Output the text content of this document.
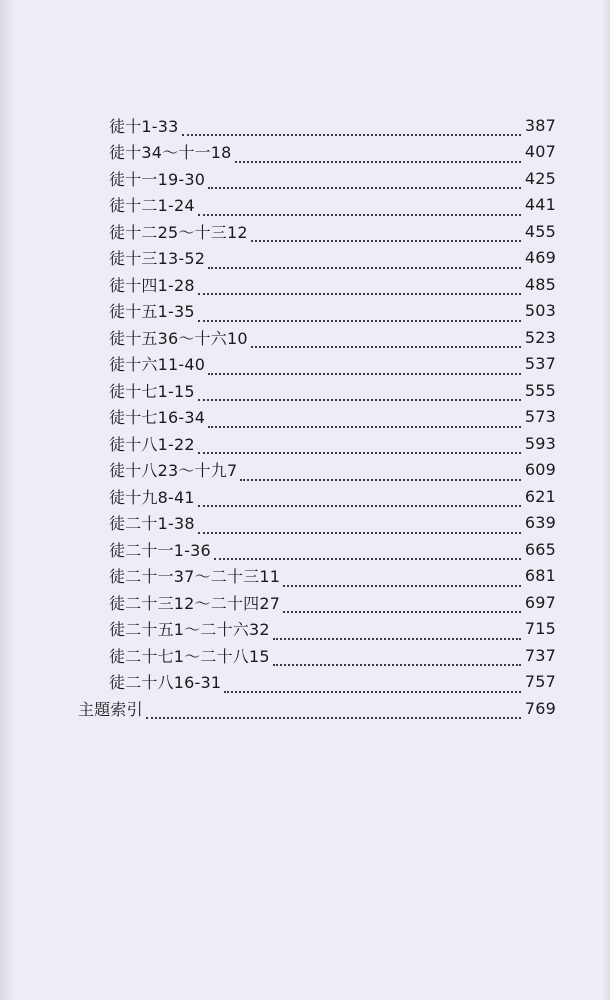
徒十1-33	387
徒十34～十一18	407
徒十一19-30	425
徒十二1-24	441
徒十二25～十三12	455
徒十三13-52	469
徒十四1-28	485
徒十五1-35	503
徒十五36～十六10	523
徒十六11-40	537
徒十七1-15	555
徒十七16-34	573
徒十八1-22	593
徒十八23～十九7	609
徒十九8-41	621
徒二十1-38	639
徒二十一1-36	665
徒二十一37～二十三11	681
徒二十三12～二十四27	697
徒二十五1～二十六32	715
徒二十七1～二十八15	737
徒二十八16-31	757
主題索引	769
